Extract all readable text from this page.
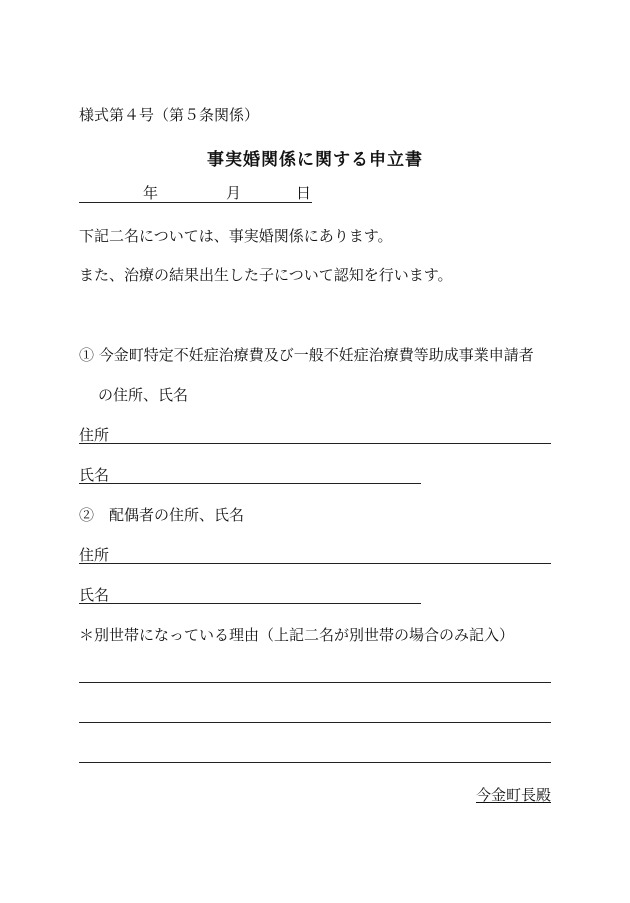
様式第４号（第５条関係）
事実婚関係に関する申立書
年	月	日
下記二名については、事実婚関係にあります。
また、治療の結果出生した子について認知を行います。
① 今金町特定不妊症治療費及び一般不妊症治療費等助成事業申請者
の住所、氏名
住所
氏名
②　配偶者の住所、氏名
住所
氏名
＊別世帯になっている理由（上記二名が別世帯の場合のみ記入）
今金町長殿
